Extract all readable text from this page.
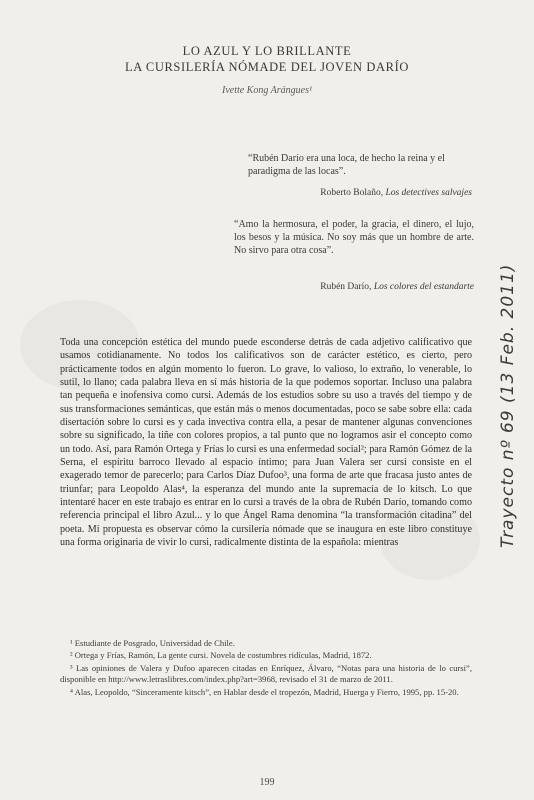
LO AZUL Y LO BRILLANTE
LA CURSILERÍA NÓMADE DEL JOVEN DARÍO
Ivette Kong Arángues¹
“Rubén Darío era una loca, de hecho la reina y el paradigma de las locas”.
Roberto Bolaño, Los detectives salvajes
“Amo la hermosura, el poder, la gracia, el dinero, el lujo, los besos y la música. No soy más que un hombre de arte. No sirvo para otra cosa”.
Rubén Darío, Los colores del estandarte

Toda una concepción estética del mundo puede esconderse detrás de cada adjetivo calificativo que usamos cotidianamente. No todos los calificativos son de carácter estético, es cierto, pero prácticamente todos en algún momento lo fueron. Lo grave, lo valioso, lo extraño, lo venerable, lo sutil, lo llano; cada palabra lleva en sí más historia de la que podemos soportar. Incluso una palabra tan pequeña e inofensiva como cursi. Además de los estudios sobre su uso a través del tiempo y de sus transformaciones semánticas, que están más o menos documentadas, poco se sabe sobre ella: cada disertación sobre lo cursi es y cada invectiva contra ella, a pesar de mantener algunas convenciones sobre su significado, la tiñe con colores propios, a tal punto que no logramos asir el concepto como un todo. Así, para Ramón Ortega y Frías lo cursi es una enfermedad social²; para Ramón Gómez de la Serna, el espíritu barroco llevado al espacio íntimo; para Juan Valera ser cursi consiste en el exagerado temor de parecerlo; para Carlos Díaz Dufoo³, una forma de arte que fracasa justo antes de triunfar; para Leopoldo Alas⁴, la esperanza del mundo ante la supremacía de lo kitsch. Lo que intentaré hacer en este trabajo es entrar en lo cursi a través de la obra de Rubén Darío, tomando como referencia principal el libro Azul... y lo que Ángel Rama denomina “la transformación citadina” del poeta. Mi propuesta es observar cómo la cursilería nómade que se inaugura en este libro constituye una forma originaria de vivir lo cursi, radicalmente distinta de la española: mientras

¹ Estudiante de Posgrado, Universidad de Chile.

² Ortega y Frías, Ramón, La gente cursi. Novela de costumbres ridículas, Madrid, 1872.

³ Las opiniones de Valera y Dufoo aparecen citadas en Enríquez, Álvaro, “Notas para una historia de lo cursi”, disponible en http://www.letraslibres.com/index.php?art=3968, revisado el 31 de marzo de 2011.

⁴ Alas, Leopoldo, “Sinceramente kitsch”, en Hablar desde el tropezón, Madrid, Huerga y Fierro, 1995, pp. 15-20.

199
Trayecto nº 69 (13 Feb. 2011)
